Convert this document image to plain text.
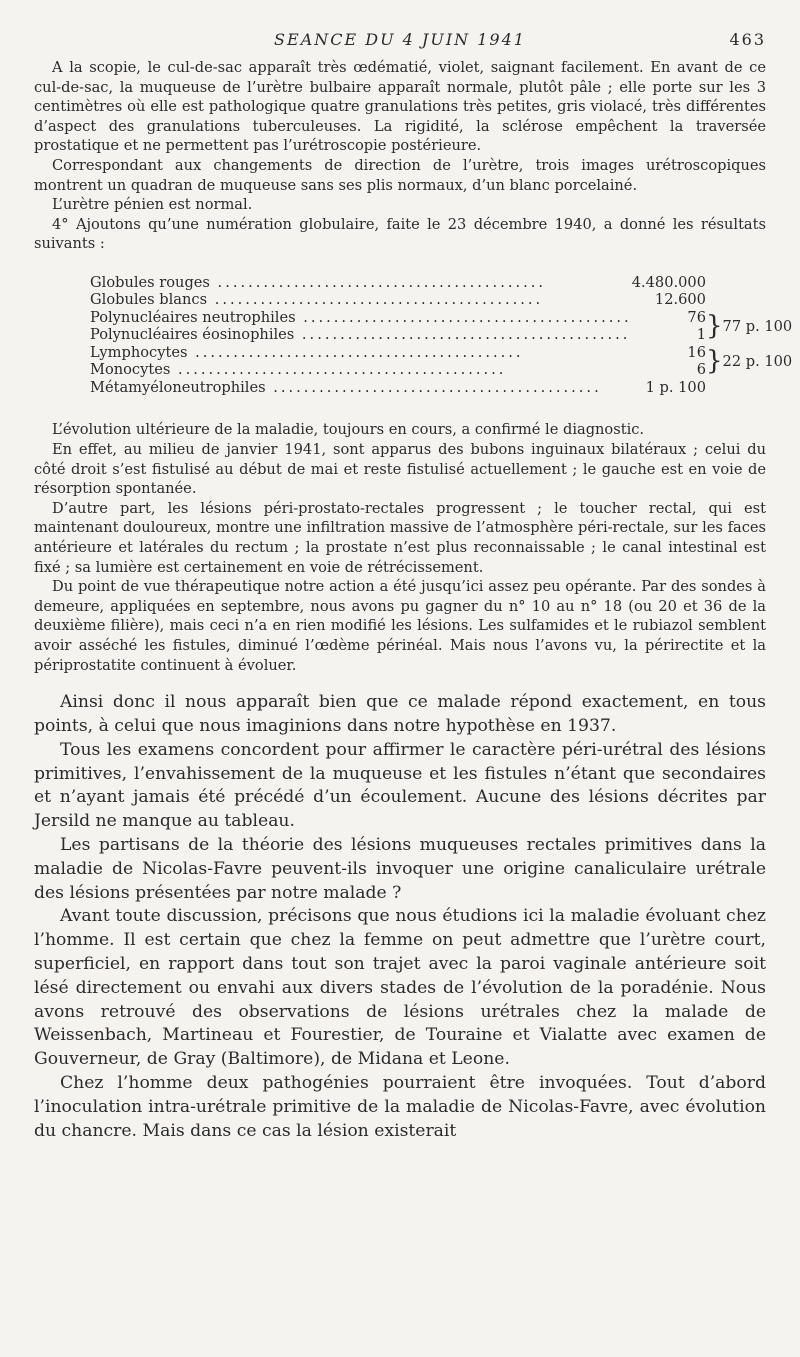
SEANCE DU 4 JUIN 1941	463

A la scopie, le cul-de-sac apparaît très œdématié, violet, saignant facilement. En avant de ce cul-de-sac, la muqueuse de l’urètre bulbaire apparaît normale, plutôt pâle ; elle porte sur les 3 centimètres où elle est pathologique quatre granulations très petites, gris violacé, très différentes d’aspect des granulations tuberculeuses. La rigidité, la sclérose empêchent la traversée prostatique et ne permettent pas l’urétroscopie postérieure.

Correspondant aux changements de direction de l’urètre, trois images urétroscopiques montrent un quadran de muqueuse sans ses plis normaux, d’un blanc porcelainé.

L’urètre pénien est normal.

4° Ajoutons qu’une numération globulaire, faite le 23 décembre 1940, a donné les résultats suivants :

Globules rouges ...........................................	4.480.000		
Globules blancs ...........................................	12.600		
Polynucléaires neutrophiles ...........................................	76	}	77 p. 100
Polynucléaires éosinophiles ...........................................	1		
Lymphocytes ...........................................	16	}	22 p. 100
Monocytes ...........................................	6		
Métamyéloneutrophiles ...........................................	1 p. 100		

L’évolution ultérieure de la maladie, toujours en cours, a confirmé le diagnostic.

En effet, au milieu de janvier 1941, sont apparus des bubons inguinaux bilatéraux ; celui du côté droit s’est fistulisé au début de mai et reste fistulisé actuellement ; le gauche est en voie de résorption spontanée.

D’autre part, les lésions péri-prostato-rectales progressent ; le toucher rectal, qui est maintenant douloureux, montre une infiltration massive de l’atmosphère péri-rectale, sur les faces antérieure et latérales du rectum ; la prostate n’est plus reconnaissable ; le canal intestinal est fixé ; sa lumière est certainement en voie de rétrécissement.

Du point de vue thérapeutique notre action a été jusqu’ici assez peu opérante. Par des sondes à demeure, appliquées en septembre, nous avons pu gagner du n° 10 au n° 18 (ou 20 et 36 de la deuxième filière), mais ceci n’a en rien modifié les lésions. Les sulfamides et le rubiazol semblent avoir asséché les fistules, diminué l’œdème périnéal. Mais nous l’avons vu, la périrectite et la périprostatite continuent à évoluer.

Ainsi donc il nous apparaît bien que ce malade répond exactement, en tous points, à celui que nous imaginions dans notre hypothèse en 1937.

Tous les examens concordent pour affirmer le caractère péri-urétral des lésions primitives, l’envahissement de la muqueuse et les fistules n’étant que secondaires et n’ayant jamais été précédé d’un écoulement. Aucune des lésions décrites par Jersild ne manque au tableau.

Les partisans de la théorie des lésions muqueuses rectales primitives dans la maladie de Nicolas-Favre peuvent-ils invoquer une origine canaliculaire urétrale des lésions présentées par notre malade ?

Avant toute discussion, précisons que nous étudions ici la maladie évoluant chez l’homme. Il est certain que chez la femme on peut admettre que l’urètre court, superficiel, en rapport dans tout son trajet avec la paroi vaginale antérieure soit lésé directement ou envahi aux divers stades de l’évolution de la poradénie. Nous avons retrouvé des observations de lésions urétrales chez la malade de Weissenbach, Martineau et Fourestier, de Touraine et Vialatte avec examen de Gouverneur, de Gray (Baltimore), de Midana et Leone.

Chez l’homme deux pathogénies pourraient être invoquées. Tout d’abord l’inoculation intra-urétrale primitive de la maladie de Nicolas-Favre, avec évolution du chancre. Mais dans ce cas la lésion existerait
